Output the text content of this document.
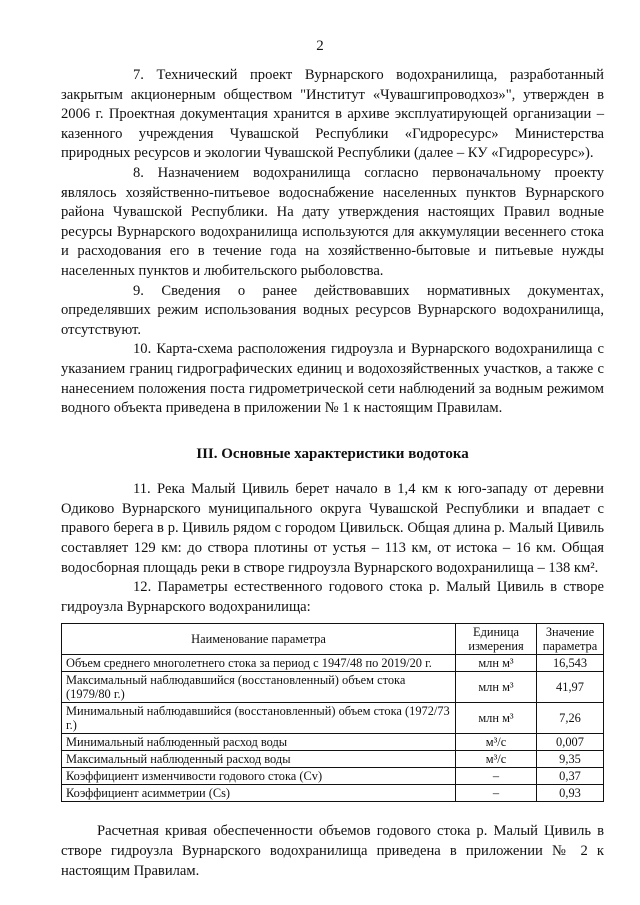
2

7. Технический проект Вурнарского водохранилища, разработанный закрытым акционерным обществом "Институт «Чувашгипроводхоз»", утвержден в 2006 г. Проектная документация хранится в архиве эксплуатирующей организации – казенного учреждения Чувашской Республики «Гидроресурс» Министерства природных ресурсов и экологии Чувашской Республики (далее – КУ «Гидроресурс»).

8. Назначением водохранилища согласно первоначальному проекту являлось хозяйственно-питьевое водоснабжение населенных пунктов Вурнарского района Чувашской Республики. На дату утверждения настоящих Правил водные ресурсы Вурнарского водохранилища используются для аккумуляции весеннего стока и расходования его в течение года на хозяйственно-бытовые и питьевые нужды населенных пунктов и любительского рыболовства.

9. Сведения о ранее действовавших нормативных документах, определявших режим использования водных ресурсов Вурнарского водохранилища, отсутствуют.

10. Карта-схема расположения гидроузла и Вурнарского водохранилища с указанием границ гидрографических единиц и водохозяйственных участков, а также с нанесением положения поста гидрометрической сети наблюдений за водным режимом водного объекта приведена в приложении № 1 к настоящим Правилам.

III. Основные характеристики водотока

11. Река Малый Цивиль берет начало в 1,4 км к юго-западу от деревни Одиково Вурнарского муниципального округа Чувашской Республики и впадает с правого берега в р. Цивиль рядом с городом Цивильск. Общая длина р. Малый Цивиль составляет 129 км: до створа плотины от устья – 113 км, от истока – 16 км. Общая водосборная площадь реки в створе гидроузла Вурнарского водохранилища – 138 км².

12. Параметры естественного годового стока р. Малый Цивиль в створе гидроузла Вурнарского водохранилища:

Наименование параметра	Единица измерения	Значение параметра
Объем среднего многолетнего стока за период с 1947/48 по 2019/20 г.	млн м³	16,543
Максимальный наблюдавшийся (восстановленный) объем стока (1979/80 г.)	млн м³	41,97
Минимальный наблюдавшийся (восстановленный) объем стока (1972/73 г.)	млн м³	7,26
Минимальный наблюденный расход воды	м³/с	0,007
Максимальный наблюденный расход воды	м³/с	9,35
Коэффициент изменчивости годового стока (Cv)	–	0,37
Коэффициент асимметрии (Cs)	–	0,93

Расчетная кривая обеспеченности объемов годового стока р. Малый Цивиль в створе гидроузла Вурнарского водохранилища приведена в приложении № 2 к настоящим Правилам.
